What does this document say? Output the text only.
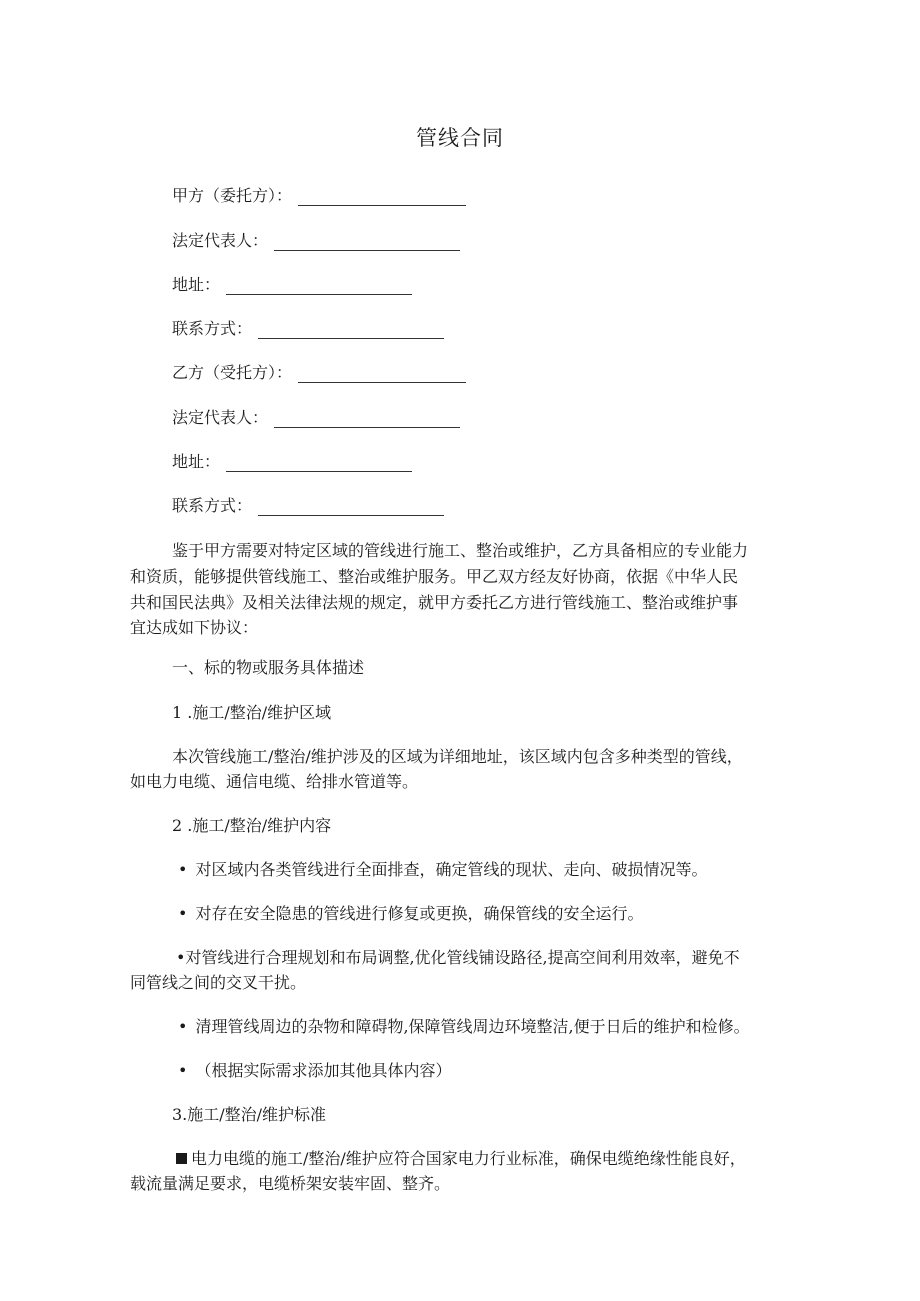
管线合同
甲方（委托方）：
法定代表人：
地址：
联系方式：
乙方（受托方）：
法定代表人：
地址：
联系方式：
鉴于甲方需要对特定区域的管线进行施工、整治或维护，乙方具备相应的专业能力
和资质，能够提供管线施工、整治或维护服务。甲乙双方经友好协商，依据《中华人民
共和国民法典》及相关法律法规的规定，就甲方委托乙方进行管线施工、整治或维护事
宜达成如下协议：
一、标的物或服务具体描述
1 .施工/整治/维护区域
本次管线施工/整治/维护涉及的区域为详细地址，该区域内包含多种类型的管线，
如电力电缆、通信电缆、给排水管道等。
2 .施工/整治/维护内容
• 对区域内各类管线进行全面排查，确定管线的现状、走向、破损情况等。
• 对存在安全隐患的管线进行修复或更换，确保管线的安全运行。
•对管线进行合理规划和布局调整,优化管线铺设路径,提高空间利用效率，避免不
同管线之间的交叉干扰。
• 清理管线周边的杂物和障碍物,保障管线周边环境整洁,便于日后的维护和检修。
• （根据实际需求添加其他具体内容）
3.施工/整治/维护标准
电力电缆的施工/整治/维护应符合国家电力行业标准，确保电缆绝缘性能良好，
载流量满足要求，电缆桥架安装牢固、整齐。
